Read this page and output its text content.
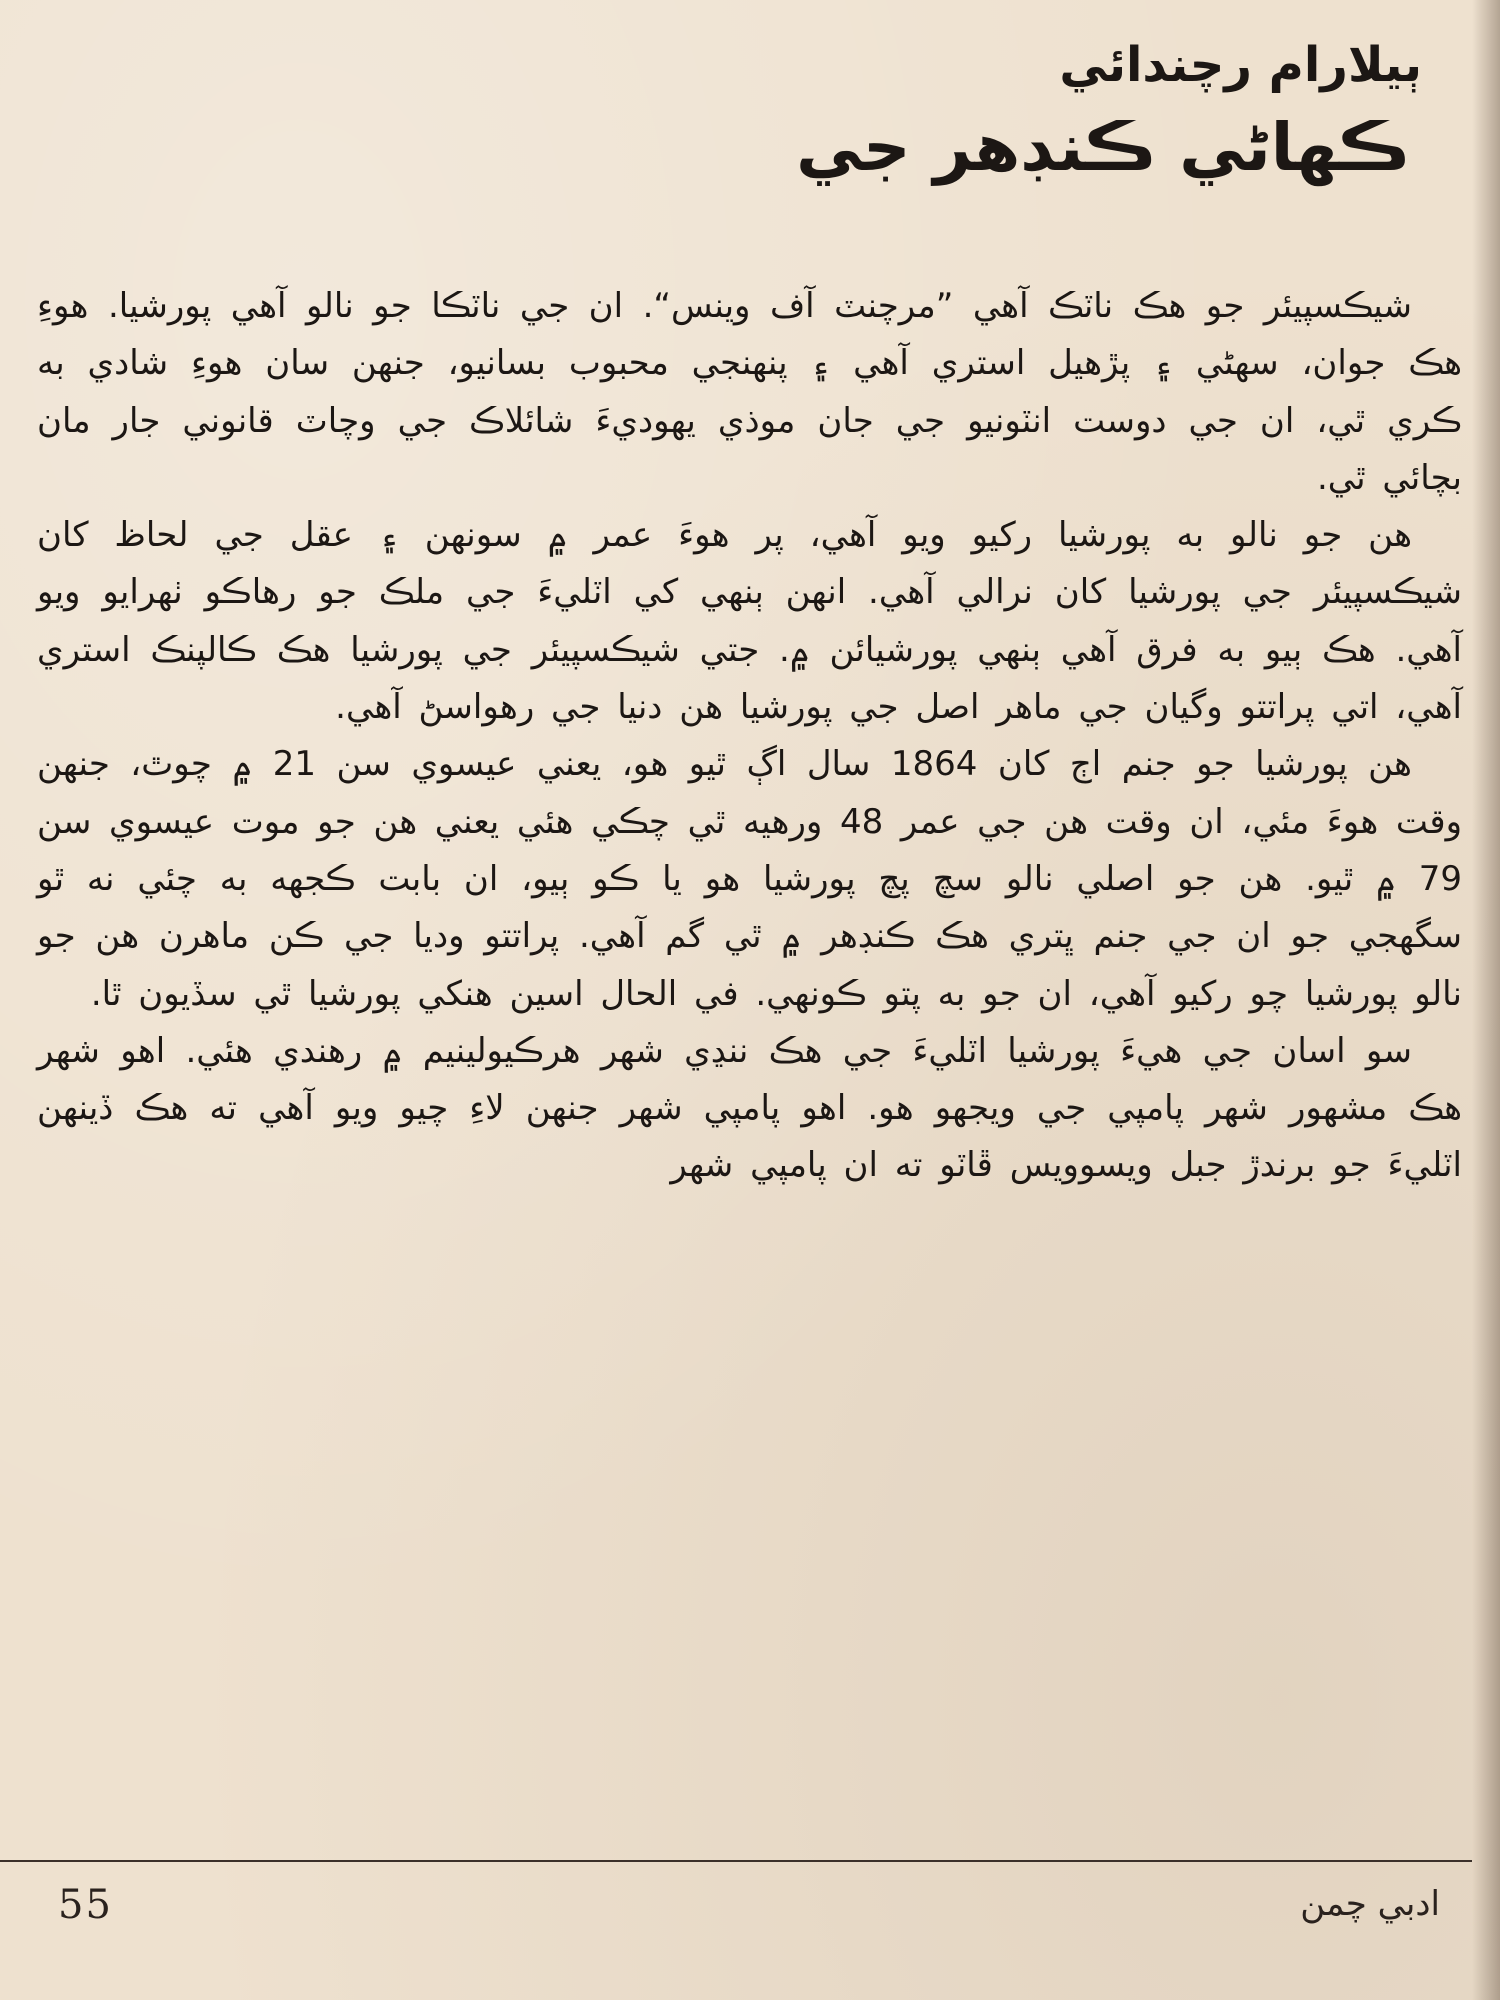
ٻيلارام رچندائي

ڪهاڻي ڪنڊهر جي

شيڪسپيئر جو هڪ ناٽڪ آهي ”مرچنٽ آف وينس“. ان جي ناٽڪا جو نالو آهي پورشيا. هوءِ هڪ جوان، سهڻي ۽ پڙهيل استري آهي ۽ پنهنجي محبوب بسانيو، جنهن سان هوءِ شادي به ڪري ٿي، ان جي دوست انٽونيو جي جان موذي يهوديءَ شائلاڪ جي وچاٽ قانوني جار مان بچائي ٿي.

هن جو نالو به پورشيا رکيو ويو آهي، پر هوءَ عمر ۾ سونهن ۽ عقل جي لحاظ کان شيڪسپيئر جي پورشيا کان نرالي آهي. انهن ٻنهي کي اٽليءَ جي ملڪ جو رهاڪو ٺهرايو ويو آهي. هڪ ٻيو به فرق آهي ٻنهي پورشيائن ۾. جتي شيڪسپيئر جي پورشيا هڪ ڪالپنڪ استري آهي، اتي پراتتو وگيان جي ماهر اصل جي پورشيا هن دنيا جي رهواسڻ آهي.

هن پورشيا جو جنم اڄ کان 1864 سال اڳ ٿيو هو، يعني عيسوي سن 21 ۾ چوٿ، جنهن وقت هوءَ مئي، ان وقت هن جي عمر 48 ورهيه ٿي چڪي هئي يعني هن جو موت عيسوي سن 79 ۾ ٿيو. هن جو اصلي نالو سچ پچ پورشيا هو يا ڪو ٻيو، ان بابت ڪجهه به چئي نه ٿو سگهجي جو ان جي جنم ڀتري هڪ ڪنڊهر ۾ ٿي گم آهي. پراتتو وديا جي ڪن ماهرن هن جو نالو پورشيا چو رکيو آهي، ان جو به پتو ڪونهي. في الحال اسين هنکي پورشيا ٿي سڏيون ٿا.

سو اسان جي هيءَ پورشيا اٽليءَ جي هڪ ننڍي شهر هرڪيولينيم ۾ رهندي هئي. اهو شهر هڪ مشهور شهر پامپي جي ويجهو هو. اهو پامپي شهر جنهن لاءِ چيو ويو آهي ته هڪ ڏينهن اٽليءَ جو برندڙ جبل ويسوويس ڦاٽو ته ان پامپي شهر

55	ادبي چمن
